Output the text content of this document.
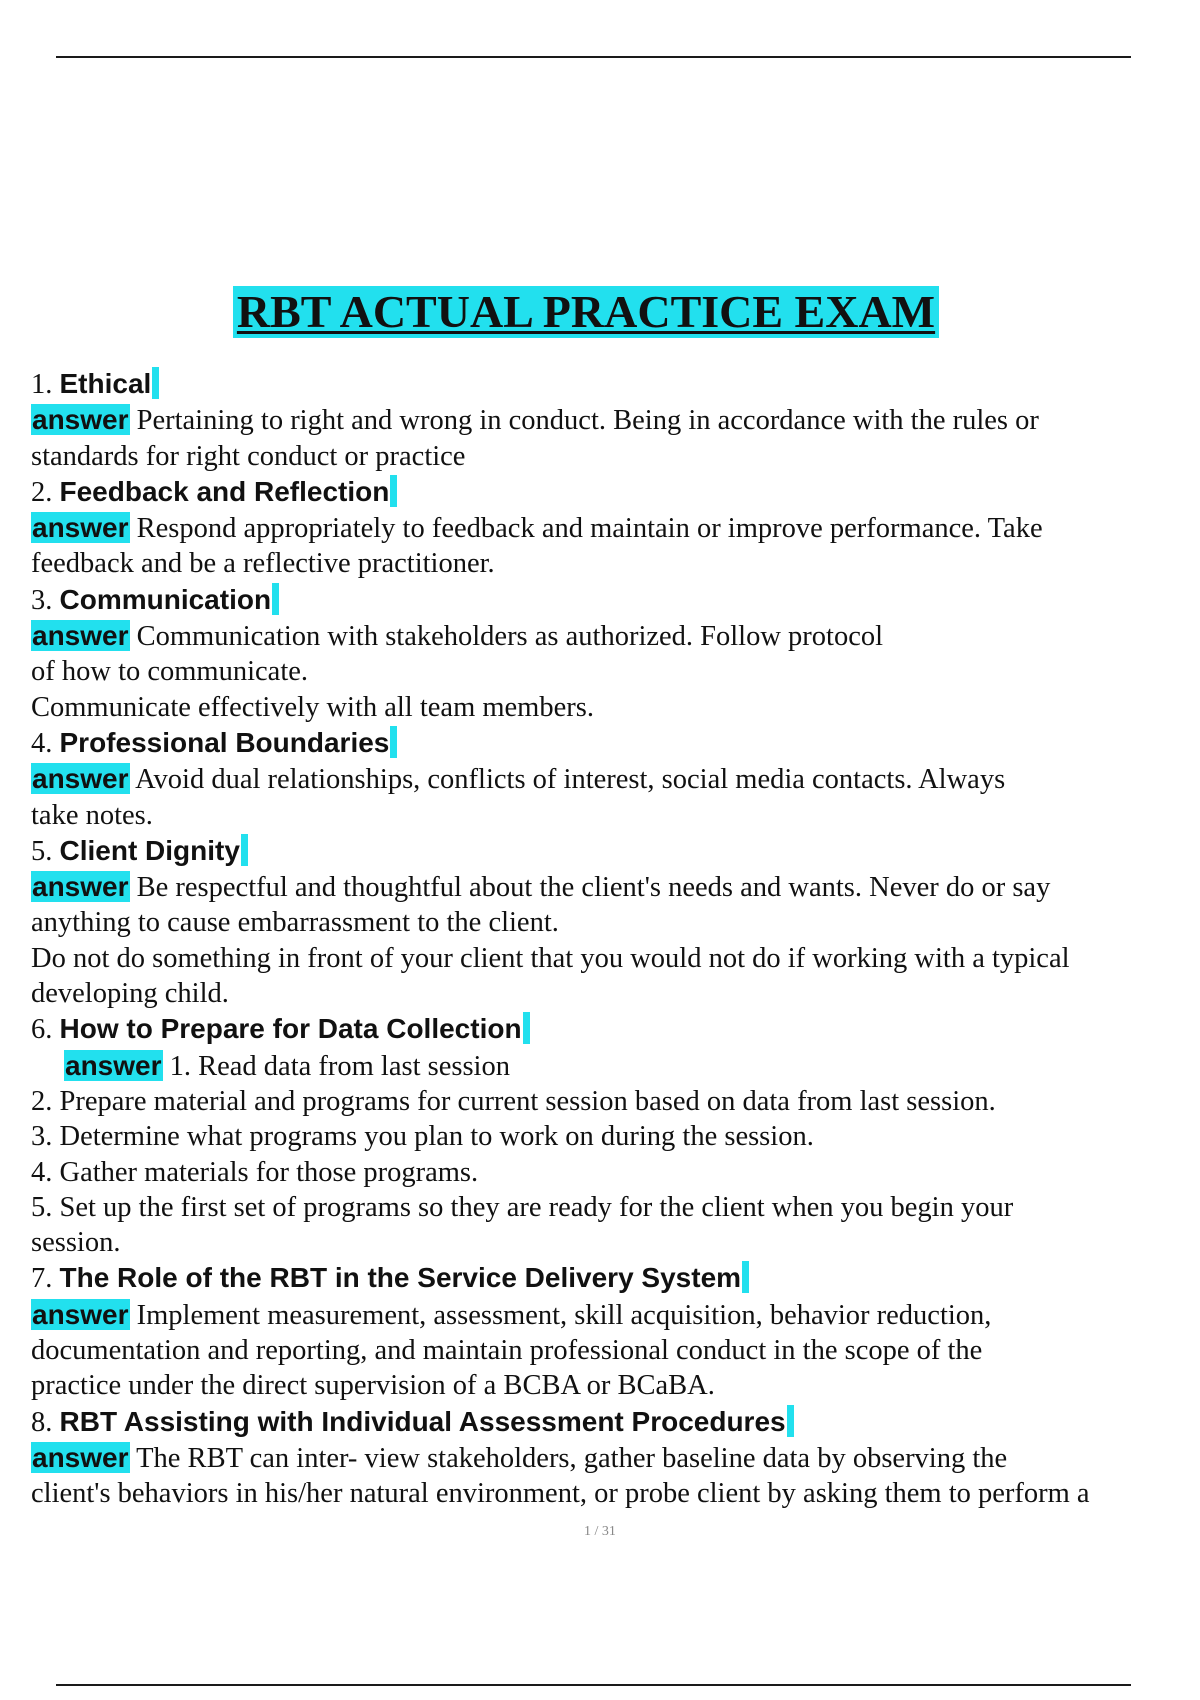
RBT ACTUAL PRACTICE EXAM
1. Ethical
answer Pertaining to right and wrong in conduct. Being in accordance with the rules or
standards for right conduct or practice
2. Feedback and Reflection
answer Respond appropriately to feedback and maintain or improve performance. Take
feedback and be a reflective practitioner.
3. Communication
answer Communication with stakeholders as authorized. Follow protocol
of how to communicate.
Communicate effectively with all team members.
4. Professional Boundaries
answer Avoid dual relationships, conflicts of interest, social media contacts. Always
take notes.
5. Client Dignity
answer Be respectful and thoughtful about the client's needs and wants. Never do or say
anything to cause embarrassment to the client.
Do not do something in front of your client that you would not do if working with a typical
developing child.
6. How to Prepare for Data Collection
answer 1. Read data from last session
2. Prepare material and programs for current session based on data from last session.
3. Determine what programs you plan to work on during the session.
4. Gather materials for those programs.
5. Set up the first set of programs so they are ready for the client when you begin your
session.
7. The Role of the RBT in the Service Delivery System
answer Implement measurement, assessment, skill acquisition, behavior reduction,
documentation and reporting, and maintain professional conduct in the scope of the
practice under the direct supervision of a BCBA or BCaBA.
8. RBT Assisting with Individual Assessment Procedures
answer The RBT can inter- view stakeholders, gather baseline data by observing the
client's behaviors in his/her natural environment, or probe client by asking them to perform a
1 / 31
